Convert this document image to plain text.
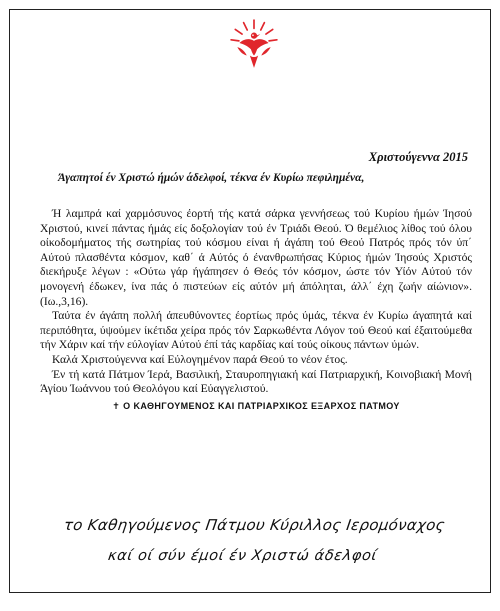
Χριστούγεννα 2015
Άγαπητοί έν Χριστώ ήμών άδελφοί, τέκνα έν Κυρίω πεφιλημένα,

Ή λαμπρά καί χαρμόσυνος έορτή τής κατά σάρκα γεννήσεως τού Κυρίου ήμών Ίησού Χριστού, κινεί πάντας ήμάς είς δοξολογίαν τού έν Τριάδι Θεού. Ό θεμέλιος λίθος τού όλου οίκοδομήματος τής σωτηρίας τού κόσμου είναι ή άγάπη τού Θεού Πατρός πρός τόν ύπ΄ Αύτού πλασθέντα κόσμον, καθ΄ ά Αύτός ό ένανθρωπήσας Κύριος ήμών Ίησούς Χριστός διεκήρυξε λέγων : «Ούτω γάρ ήγάπησεν ό Θεός τόν κόσμον, ώστε τόν Υίόν Αύτού τόν μονογενή έδωκεν, ίνα πάς ό πιστεύων είς αύτόν μή άπόληται, άλλ΄ έχη ζωήν αίώνιον». (Ιω.,3,16).

Ταύτα έν άγάπη πολλή άπευθύνοντες έορτίως πρός ύμάς, τέκνα έν Κυρίω άγαπητά καί περιπόθητα, ύψούμεν ίκέτιδα χείρα πρός τόν Σαρκωθέντα Λόγον τού Θεού καί έξαιτούμεθα τήν Χάριν καί τήν εύλογίαν Αύτού έπί τάς καρδίας καί τούς οίκους πάντων ύμών.

Καλά Χριστούγεννα καί Εύλογημένον παρά Θεού το νέον έτος.

Έν τή κατά Πάτμον Ίερά, Βασιλική, Σταυροπηγιακή καί Πατριαρχική, Κοινοβιακή Μονή Άγίου Ίωάννου τού Θεολόγου καί Εύαγγελιστού.

✝ Ο ΚΑΘΗΓΟΥΜΕΝΟΣ ΚΑΙ ΠΑΤΡΙΑΡΧΙΚΟΣ ΕΞΑΡΧΟΣ ΠΑΤΜΟΥ
το Καθηγούμενος Πάτμου Κύριλλος Ιερομόναχος
καί οί σύν έμοί έν Χριστώ άδελφοί
